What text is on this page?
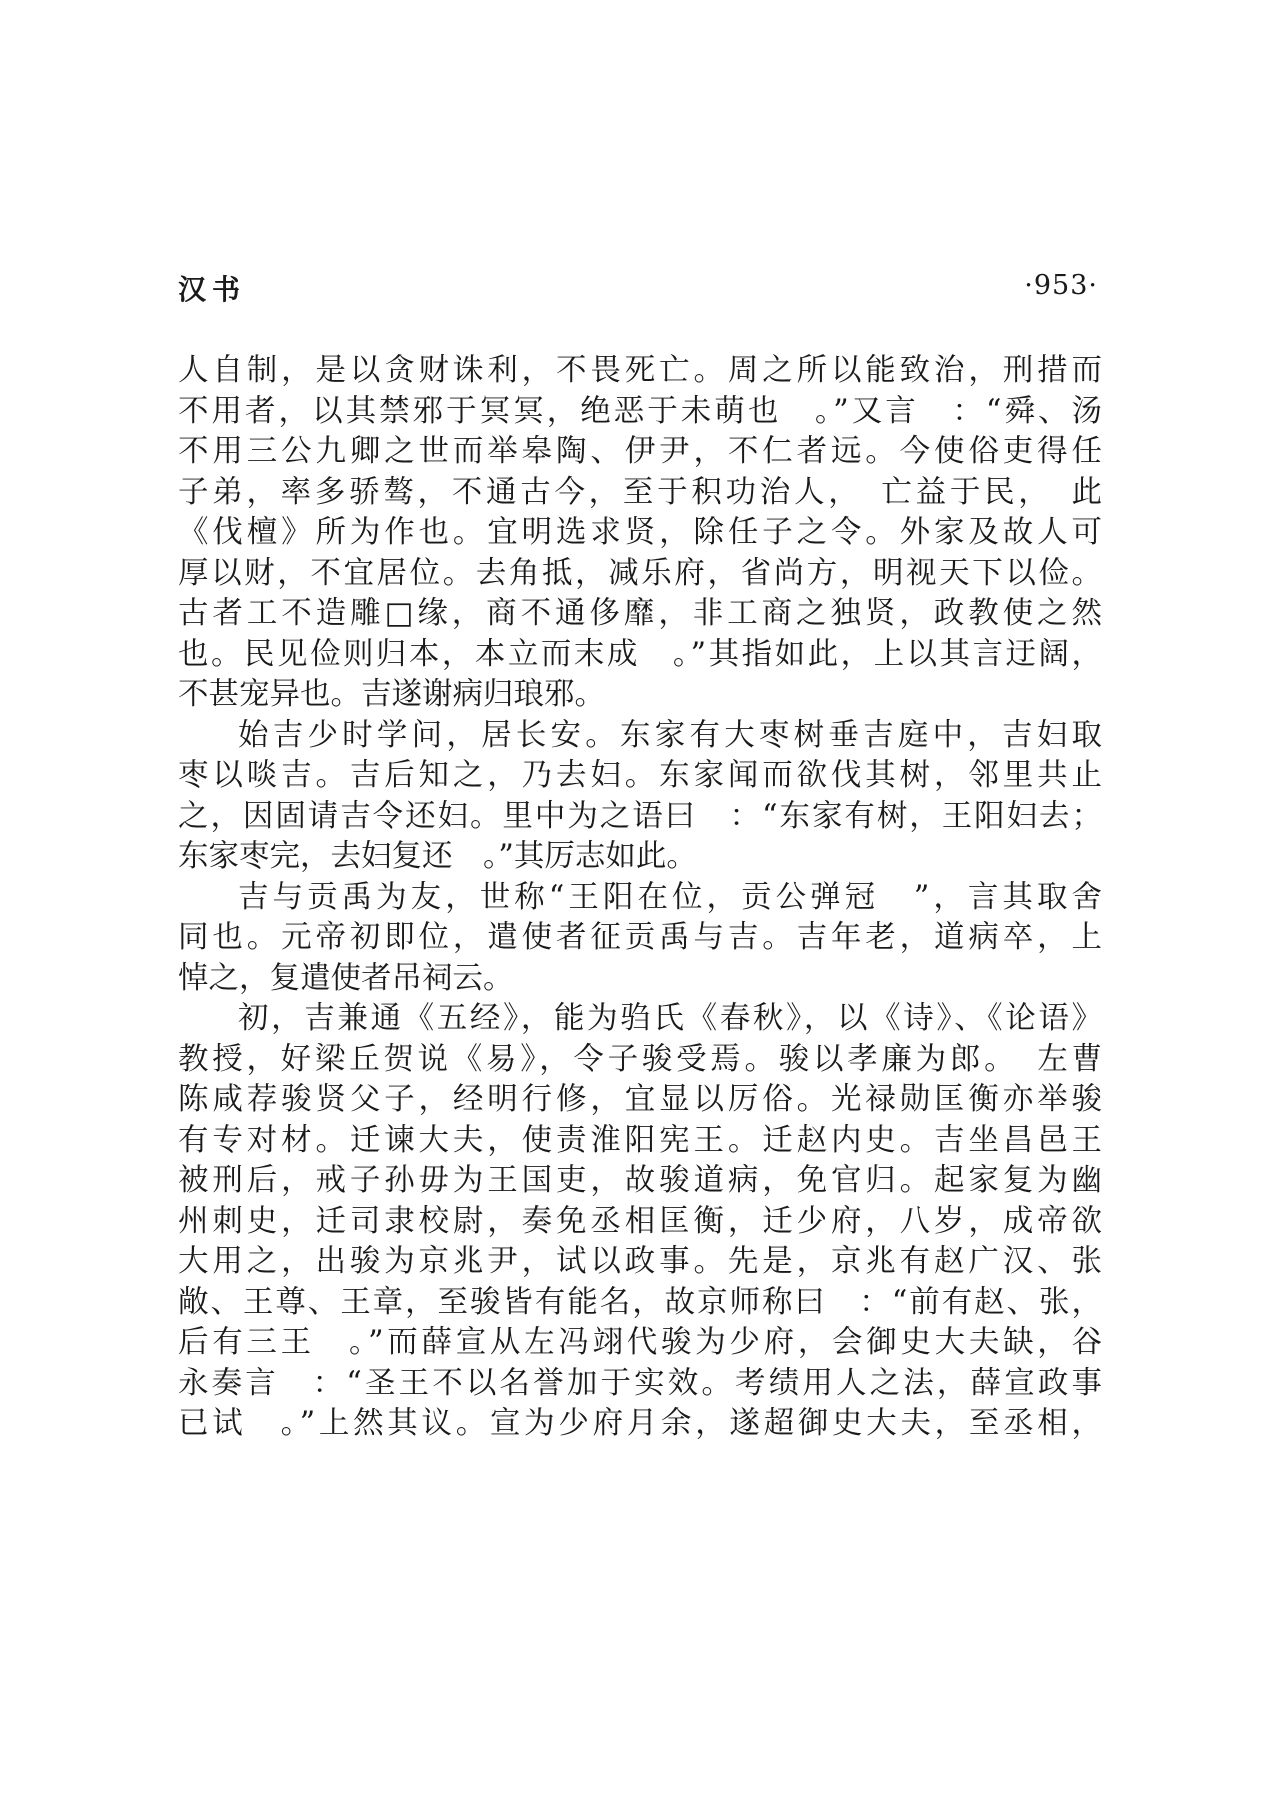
汉书	·953·
人自制，是以贪财诛利，不畏死亡。周之所以能致治，刑措而
不用者，以其禁邪于冥冥，绝恶于未萌也　。”又言　：“舜、汤
不用三公九卿之世而举皋陶、伊尹，不仁者远。今使俗吏得任
子弟，率多骄骜，不通古今，至于积功治人，　亡益于民，　此
《伐檀》所为作也。宜明选求贤，除任子之令。外家及故人可
厚以财，不宜居位。去角抵，减乐府，省尚方，明视天下以俭。
古者工不造雕□缘，商不通侈靡，非工商之独贤，政教使之然
也。民见俭则归本，本立而末成　。”其指如此，上以其言迂阔，
不甚宠异也。吉遂谢病归琅邪。
始吉少时学问，居长安。东家有大枣树垂吉庭中，吉妇取
枣以啖吉。吉后知之，乃去妇。东家闻而欲伐其树，邻里共止
之，因固请吉令还妇。里中为之语曰　：“东家有树，王阳妇去；
东家枣完，去妇复还　。”其厉志如此。
吉与贡禹为友，世称“王阳在位，贡公弹冠　”，言其取舍
同也。元帝初即位，遣使者征贡禹与吉。吉年老，道病卒，上
悼之，复遣使者吊祠云。
初，吉兼通《五经》，能为驺氏《春秋》，以《诗》、《论语》
教授，好梁丘贺说《易》，令子骏受焉。骏以孝廉为郎。　左曹
陈咸荐骏贤父子，经明行修，宜显以厉俗。光禄勋匡衡亦举骏
有专对材。迁谏大夫，使责淮阳宪王。迁赵内史。吉坐昌邑王
被刑后，戒子孙毋为王国吏，故骏道病，免官归。起家复为幽
州刺史，迁司隶校尉，奏免丞相匡衡，迁少府，八岁，成帝欲
大用之，出骏为京兆尹，试以政事。先是，京兆有赵广汉、张
敞、王尊、王章，至骏皆有能名，故京师称曰　：“前有赵、张，
后有三王　。”而薛宣从左冯翊代骏为少府，会御史大夫缺，谷
永奏言　：“圣王不以名誉加于实效。考绩用人之法，薛宣政事
已试　。”上然其议。宣为少府月余，遂超御史大夫，至丞相，
